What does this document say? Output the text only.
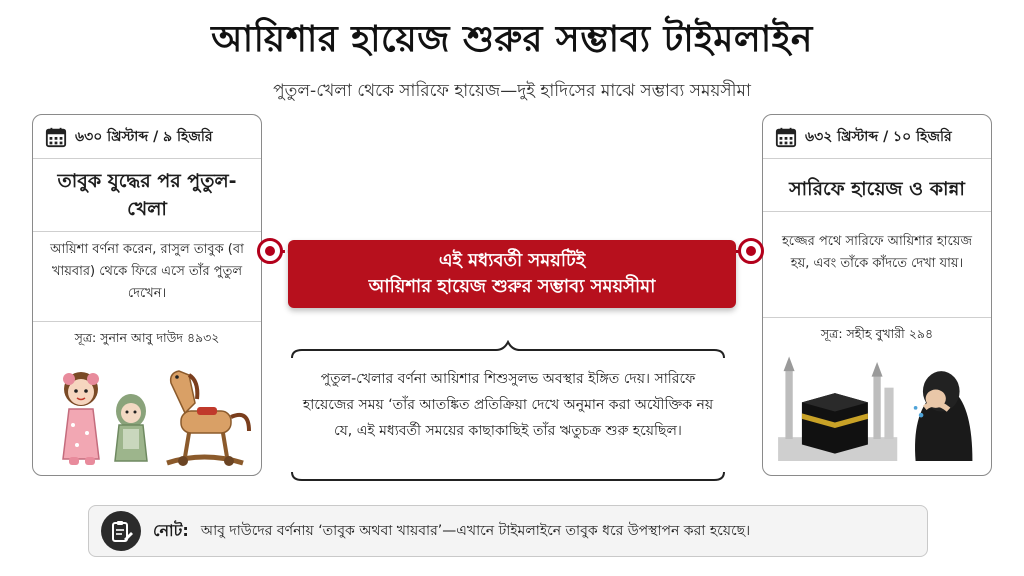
আয়িশার হায়েজ শুরুর সম্ভাব্য টাইমলাইন
পুতুল-খেলা থেকে সারিফে হায়েজ—দুই হাদিসের মাঝে সম্ভাব্য সময়সীমা
৬৩০ খ্রিস্টাব্দ / ৯ হিজরি
তাবুক যুদ্ধের পর পুতুল-খেলা
আয়িশা বর্ণনা করেন, রাসুল তাবুক (বা খায়বার) থেকে ফিরে এসে তাঁর পুতুল দেখেন।
সূত্র: সুনান আবু দাউদ ৪৯৩২
৬৩২ খ্রিস্টাব্দ / ১০ হিজরি
সারিফে হায়েজ ও কান্না
হজ্জের পথে সারিফে আয়িশার হায়েজ হয়, এবং তাঁকে কাঁদতে দেখা যায়।
সূত্র: সহীহ বুখারী ২৯৪
এই মধ্যবর্তী সময়টিই
আয়িশার হায়েজ শুরুর সম্ভাব্য সময়সীমা
পুতুল-খেলার বর্ণনা আয়িশার শিশুসুলভ অবস্থার ইঙ্গিত দেয়। সারিফে হায়েজের সময় ‘তাঁর আতঙ্কিত প্রতিক্রিয়া দেখে অনুমান করা অযৌক্তিক নয় যে, এই মধ্যবর্তী সময়ের কাছাকাছিই তাঁর ঋতুচক্র শুরু হয়েছিল।
নোট: আবু দাউদের বর্ণনায় ‘তাবুক অথবা খায়বার’—এখানে টাইমলাইনে তাবুক ধরে উপস্থাপন করা হয়েছে।
